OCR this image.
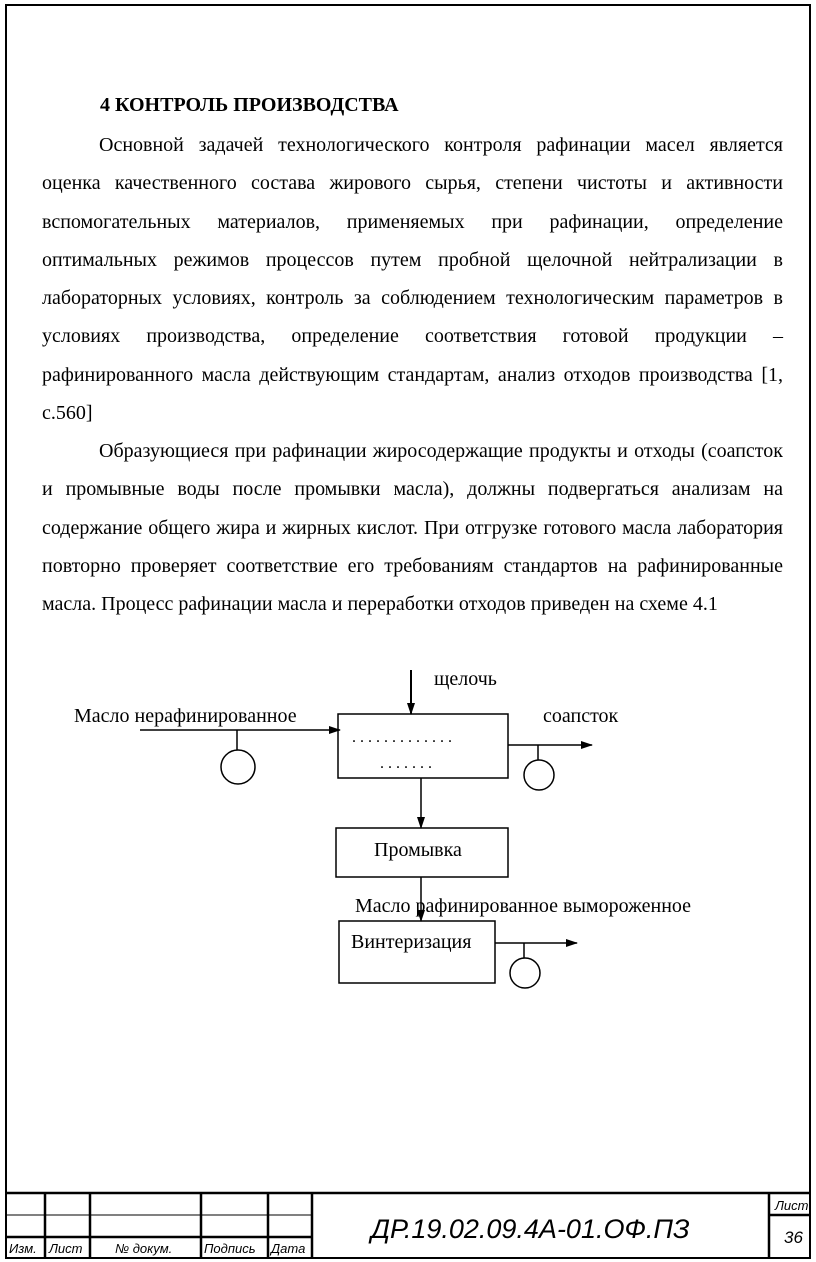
4 КОНТРОЛЬ ПРОИЗВОДСТВА

Основной задачей технологического контроля рафинации масел является оценка качественного состава жирового сырья, степени чистоты и активности вспомогательных материалов, применяемых при рафинации, определение оптимальных режимов процессов путем пробной щелочной нейтрализации в лабораторных условиях, контроль за соблюдением технологическим параметров в условиях производства, определение соответствия готовой продукции – рафинированного масла действующим стандартам, анализ отходов производства [1, с.560]

Образующиеся при рафинации жиросодержащие продукты и отходы (соапсток и промывные воды после промывки масла), должны подвергаться анализам на содержание общего жира и жирных кислот. При отгрузке готового масла лаборатория повторно проверяет соответствие его требованиям стандартов на рафинированные масла. Процесс рафинации масла и переработки отходов приведен на схеме 4.1

щелочь
Масло нерафинированное
. . . . . . . . . . . . .
. . . . . . .
соапсток
Промывка
Масло рафинированное вымороженное
Винтеризация
Изм. Лист	№ докум. Подпись Дата
ДР.19.02.09.4А-01.ОФ.ПЗ
Лист
36
